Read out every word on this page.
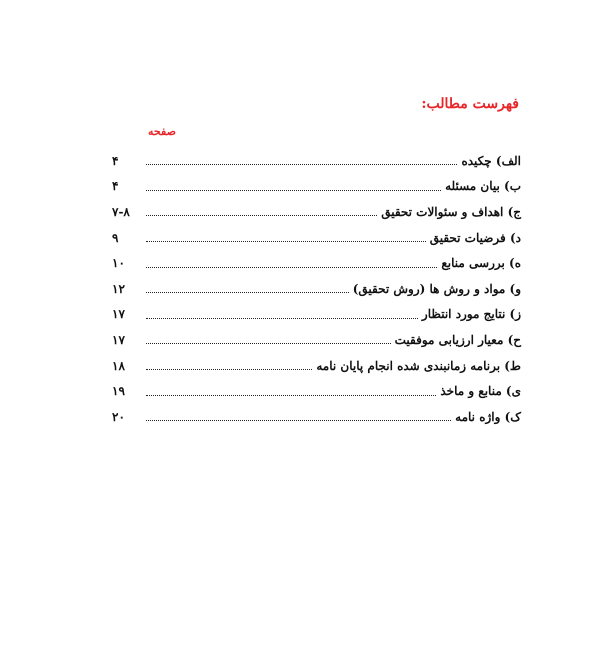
فهرست مطالب:
صفحه
الف) چکیده
۴
ب) بیان مسئله
۴
ج) اهداف و سئوالات تحقیق
۷-۸
د) فرضیات تحقیق
۹
ه) بررسی منابع
۱۰
و) مواد و روش ها (روش تحقیق)
۱۲
ز) نتایج مورد انتظار
۱۷
ح) معیار ارزیابی موفقیت
۱۷
ط) برنامه زمانبندی شده انجام پایان نامه
۱۸
ی) منابع و ماخذ
۱۹
ک) واژه نامه
۲۰
